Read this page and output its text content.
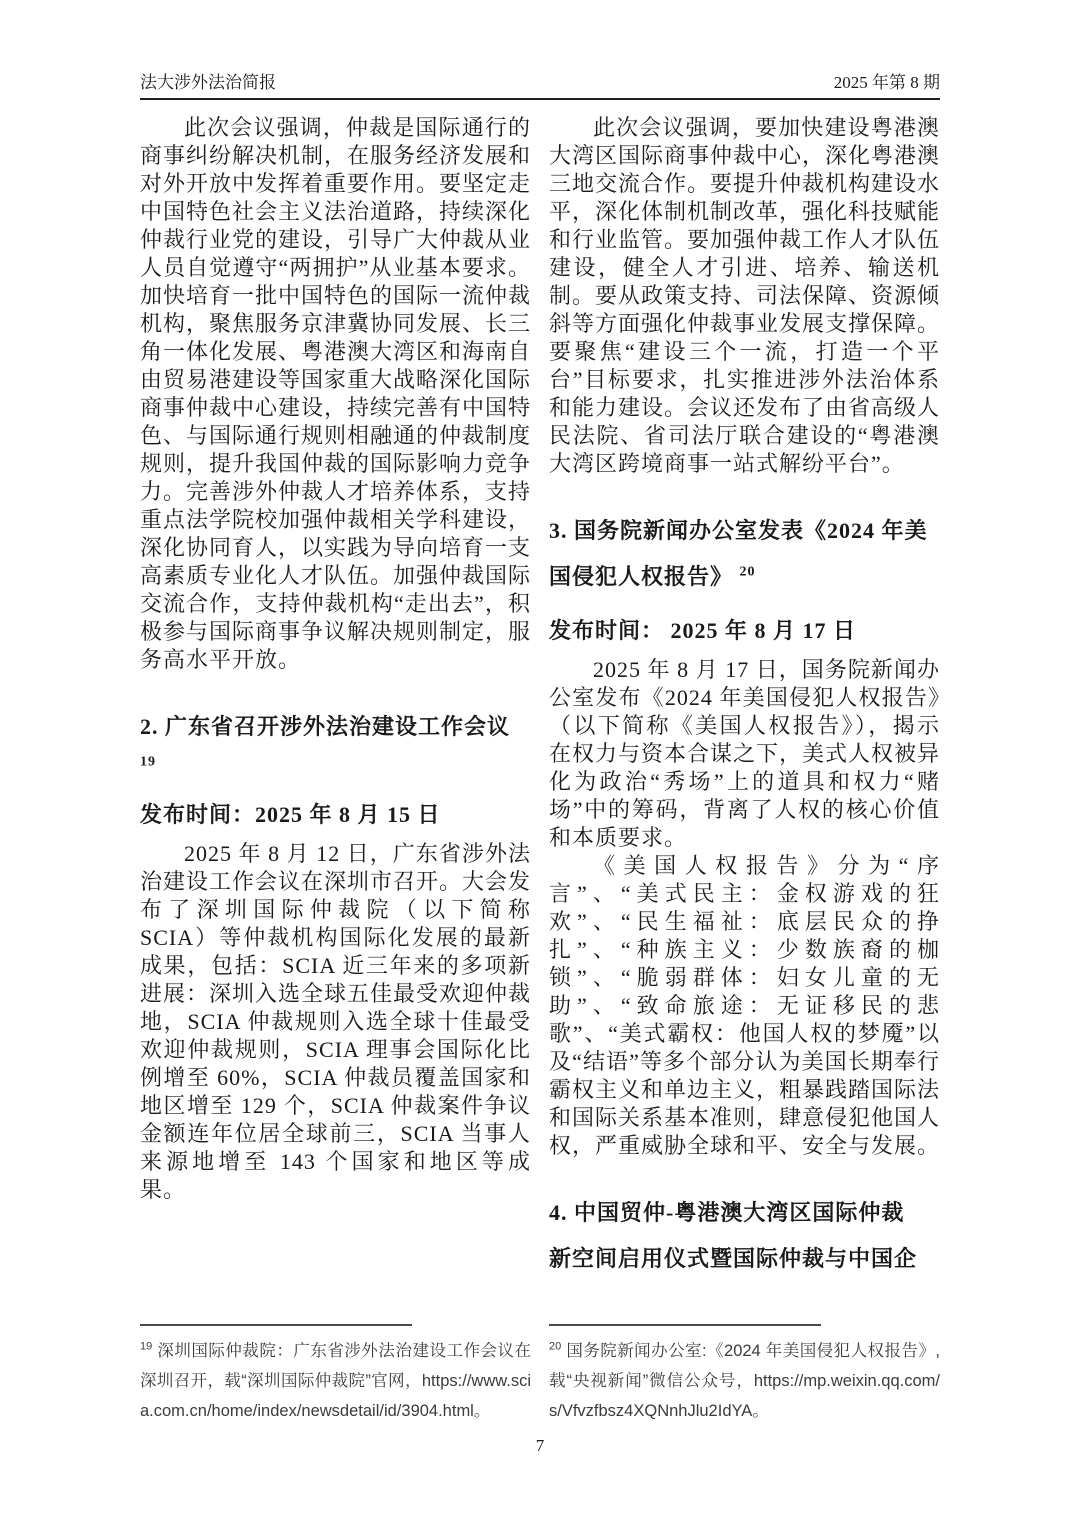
法大涉外法治简报	2025 年第 8 期

此次会议强调，仲裁是国际通行的商事纠纷解决机制，在服务经济发展和对外开放中发挥着重要作用。要坚定走中国特色社会主义法治道路，持续深化仲裁行业党的建设，引导广大仲裁从业人员自觉遵守“两拥护”从业基本要求。加快培育一批中国特色的国际一流仲裁机构，聚焦服务京津冀协同发展、长三角一体化发展、粤港澳大湾区和海南自由贸易港建设等国家重大战略深化国际商事仲裁中心建设，持续完善有中国特色、与国际通行规则相融通的仲裁制度规则，提升我国仲裁的国际影响力竞争力。完善涉外仲裁人才培养体系，支持重点法学院校加强仲裁相关学科建设，深化协同育人，以实践为导向培育一支高素质专业化人才队伍。加强仲裁国际交流合作，支持仲裁机构“走出去”，积极参与国际商事争议解决规则制定，服务高水平开放。

2. 广东省召开涉外法治建设工作会议
$^{19}$

发布时间：2025 年 8 月 15 日

2025 年 8 月 12 日，广东省涉外法治建设工作会议在深圳市召开。大会发布了深圳国际仲裁院（以下简称 SCIA）等仲裁机构国际化发展的最新成果，包括：SCIA 近三年来的多项新进展：深圳入选全球五佳最受欢迎仲裁地，SCIA 仲裁规则入选全球十佳最受欢迎仲裁规则，SCIA 理事会国际化比例增至 60%，SCIA 仲裁员覆盖国家和地区增至 129 个，SCIA 仲裁案件争议金额连年位居全球前三，SCIA 当事人来源地增至 143 个国家和地区等成果。

$^{19}$ 深圳国际仲裁院：广东省涉外法治建设工作会议在深圳召开，载“深圳国际仲裁院”官网，https://www.scia.com.cn/home/index/newsdetail/id/3904.html。

此次会议强调，要加快建设粤港澳大湾区国际商事仲裁中心，深化粤港澳三地交流合作。要提升仲裁机构建设水平，深化体制机制改革，强化科技赋能和行业监管。要加强仲裁工作人才队伍建设，健全人才引进、培养、输送机制。要从政策支持、司法保障、资源倾斜等方面强化仲裁事业发展支撑保障。要聚焦“建设三个一流，打造一个平台”目标要求，扎实推进涉外法治体系和能力建设。会议还发布了由省高级人民法院、省司法厅联合建设的“粤港澳大湾区跨境商事一站式解纷平台”。

3. 国务院新闻办公室发表《2024 年美
国侵犯人权报告》 $^{20}$

发布时间： 2025 年 8 月 17 日

2025 年 8 月 17 日，国务院新闻办公室发布《2024 年美国侵犯人权报告》（以下简称《美国人权报告》），揭示在权力与资本合谋之下，美式人权被异化为政治“秀场”上的道具和权力“赌场”中的筹码，背离了人权的核心价值和本质要求。

《美国人权报告》分为“序言”、“美式民主：金权游戏的狂欢”、“民生福祉：底层民众的挣扎”、“种族主义：少数族裔的枷锁”、“脆弱群体：妇女儿童的无助”、“致命旅途：无证移民的悲歌”、“美式霸权：他国人权的梦魇”以及“结语”等多个部分认为美国长期奉行霸权主义和单边主义，粗暴践踏国际法和国际关系基本准则，肆意侵犯他国人权，严重威胁全球和平、安全与发展。

4. 中国贸仲-粤港澳大湾区国际仲裁
新空间启用仪式暨国际仲裁与中国企

$^{20}$ 国务院新闻办公室:《2024 年美国侵犯人权报告》, 载“央视新闻”微信公众号，https://mp.weixin.qq.com/s/Vfvzfbsz4XQNnhJlu2IdYA。

7
